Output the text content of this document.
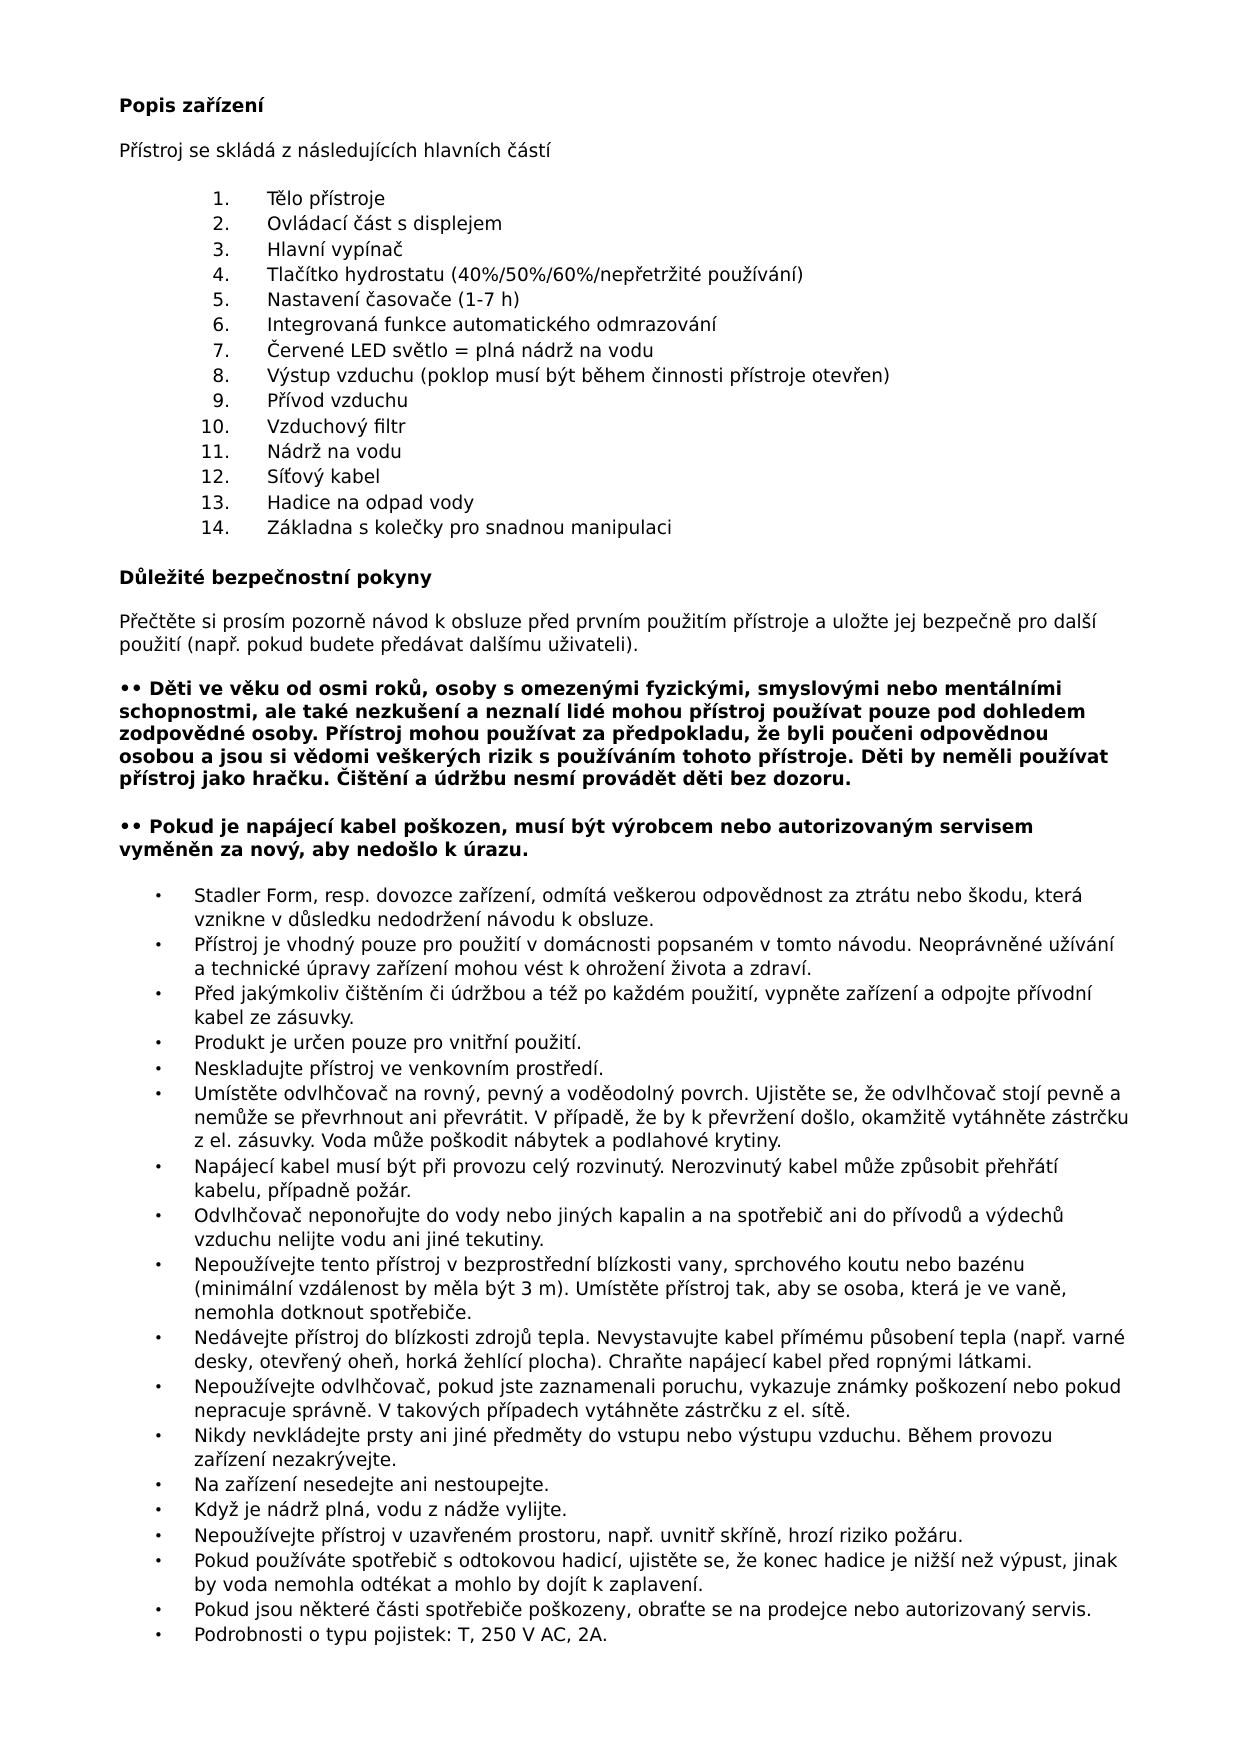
Popis zařízení
Přístroj se skládá z následujících hlavních částí
1. Tělo přístroje
2. Ovládací část s displejem
3. Hlavní vypínač
4. Tlačítko hydrostatu (40%/50%/60%/nepřetržité používání)
5. Nastavení časovače (1-7 h)
6. Integrovaná funkce automatického odmrazování
7. Červené LED světlo = plná nádrž na vodu
8. Výstup vzduchu (poklop musí být během činnosti přístroje otevřen)
9. Přívod vzduchu
10. Vzduchový filtr
11. Nádrž na vodu
12. Síťový kabel
13. Hadice na odpad vody
14. Základna s kolečky pro snadnou manipulaci
Důležité bezpečnostní pokyny

Přečtěte si prosím pozorně návod k obsluze před prvním použitím přístroje a uložte jej bezpečně pro další použití (např. pokud budete předávat dalšímu uživateli).

•• Děti ve věku od osmi roků, osoby s omezenými fyzickými, smyslovými nebo mentálními schopnostmi, ale také nezkušení a neznalí lidé mohou přístroj používat pouze pod dohledem zodpovědné osoby. Přístroj mohou používat za předpokladu, že byli poučeni odpovědnou osobou a jsou si vědomi veškerých rizik s používáním tohoto přístroje. Děti by neměli používat přístroj jako hračku. Čištění a údržbu nesmí provádět děti bez dozoru.

•• Pokud je napájecí kabel poškozen, musí být výrobcem nebo autorizovaným servisem vyměněn za nový, aby nedošlo k úrazu.

• Stadler Form, resp. dovozce zařízení, odmítá veškerou odpovědnost za ztrátu nebo škodu, která vznikne v důsledku nedodržení návodu k obsluze.
• Přístroj je vhodný pouze pro použití v domácnosti popsaném v tomto návodu. Neoprávněné užívání a technické úpravy zařízení mohou vést k ohrožení života a zdraví.
• Před jakýmkoliv čištěním či údržbou a též po každém použití, vypněte zařízení a odpojte přívodní kabel ze zásuvky.
• Produkt je určen pouze pro vnitřní použití.
• Neskladujte přístroj ve venkovním prostředí.
• Umístěte odvlhčovač na rovný, pevný a voděodolný povrch. Ujistěte se, že odvlhčovač stojí pevně a nemůže se převrhnout ani převrátit. V případě, že by k převržení došlo, okamžitě vytáhněte zástrčku z el. zásuvky. Voda může poškodit nábytek a podlahové krytiny.
• Napájecí kabel musí být při provozu celý rozvinutý. Nerozvinutý kabel může způsobit přehřátí kabelu, případně požár.
• Odvlhčovač neponořujte do vody nebo jiných kapalin a na spotřebič ani do přívodů a výdechů vzduchu nelijte vodu ani jiné tekutiny.
• Nepoužívejte tento přístroj v bezprostřední blízkosti vany, sprchového koutu nebo bazénu (minimální vzdálenost by měla být 3 m). Umístěte přístroj tak, aby se osoba, která je ve vaně, nemohla dotknout spotřebiče.
• Nedávejte přístroj do blízkosti zdrojů tepla. Nevystavujte kabel přímému působení tepla (např. varné desky, otevřený oheň, horká žehlící plocha). Chraňte napájecí kabel před ropnými látkami.
• Nepoužívejte odvlhčovač, pokud jste zaznamenali poruchu, vykazuje známky poškození nebo pokud nepracuje správně. V takových případech vytáhněte zástrčku z el. sítě.
• Nikdy nevkládejte prsty ani jiné předměty do vstupu nebo výstupu vzduchu. Během provozu zařízení nezakrývejte.
• Na zařízení nesedejte ani nestoupejte.
• Když je nádrž plná, vodu z nádže vylijte.
• Nepoužívejte přístroj v uzavřeném prostoru, např. uvnitř skříně, hrozí riziko požáru.
• Pokud používáte spotřebič s odtokovou hadicí, ujistěte se, že konec hadice je nižší než výpust, jinak by voda nemohla odtékat a mohlo by dojít k zaplavení.
• Pokud jsou některé části spotřebiče poškozeny, obraťte se na prodejce nebo autorizovaný servis.
• Podrobnosti o typu pojistek: T, 250 V AC, 2A.
